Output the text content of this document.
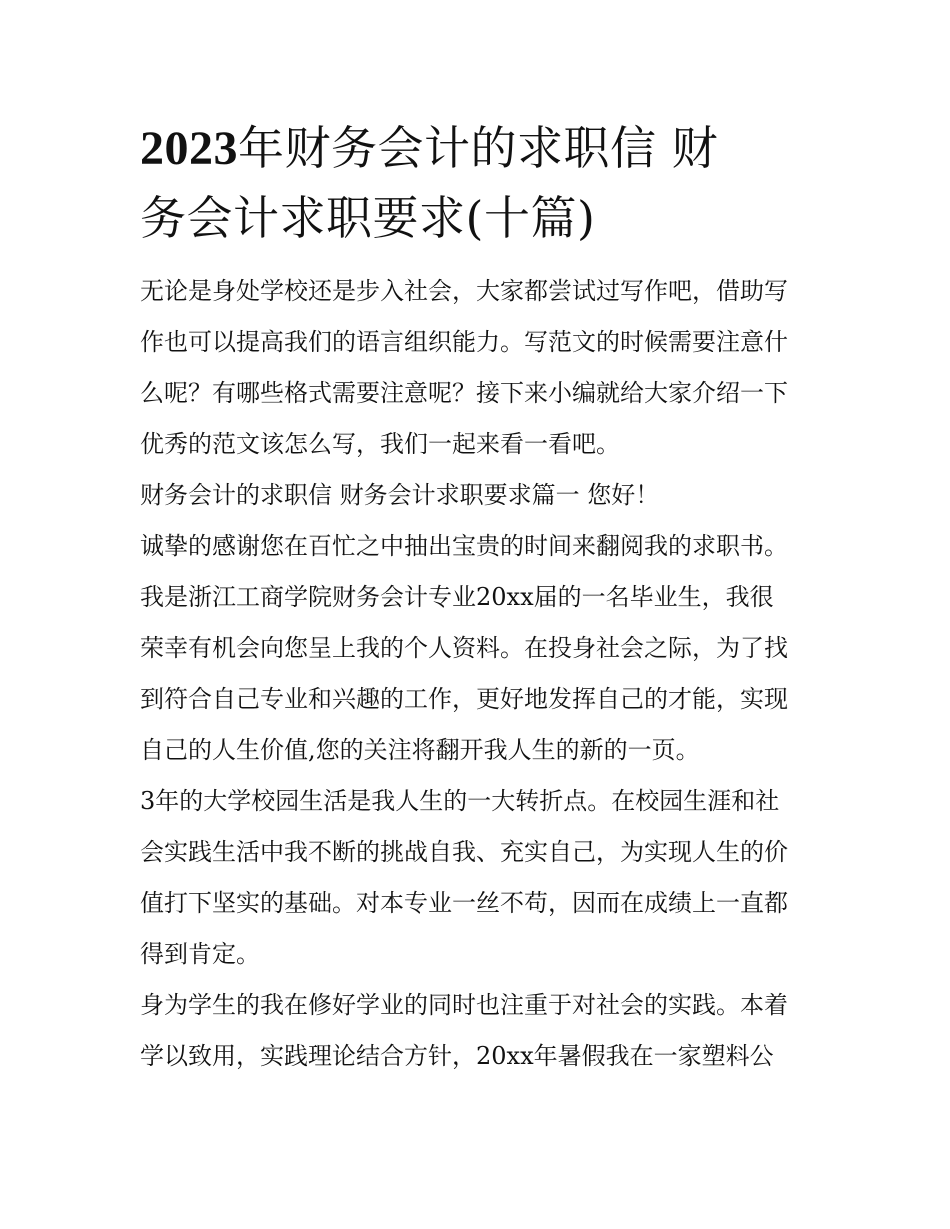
2023年财务会计的求职信 财
务会计求职要求(十篇)
无论是身处学校还是步入社会，大家都尝试过写作吧，借助写
作也可以提高我们的语言组织能力。写范文的时候需要注意什
么呢？有哪些格式需要注意呢？接下来小编就给大家介绍一下
优秀的范文该怎么写，我们一起来看一看吧。
财务会计的求职信 财务会计求职要求篇一 您好！
诚挚的感谢您在百忙之中抽出宝贵的时间来翻阅我的求职书。
我是浙江工商学院财务会计专业20xx届的一名毕业生，我很
荣幸有机会向您呈上我的个人资料。在投身社会之际，为了找
到符合自己专业和兴趣的工作，更好地发挥自己的才能，实现
自己的人生价值,您的关注将翻开我人生的新的一页。
3年的大学校园生活是我人生的一大转折点。在校园生涯和社
会实践生活中我不断的挑战自我、充实自己，为实现人生的价
值打下坚实的基础。对本专业一丝不苟，因而在成绩上一直都
得到肯定。
身为学生的我在修好学业的同时也注重于对社会的实践。本着
学以致用，实践理论结合方针，20xx年暑假我在一家塑料公
